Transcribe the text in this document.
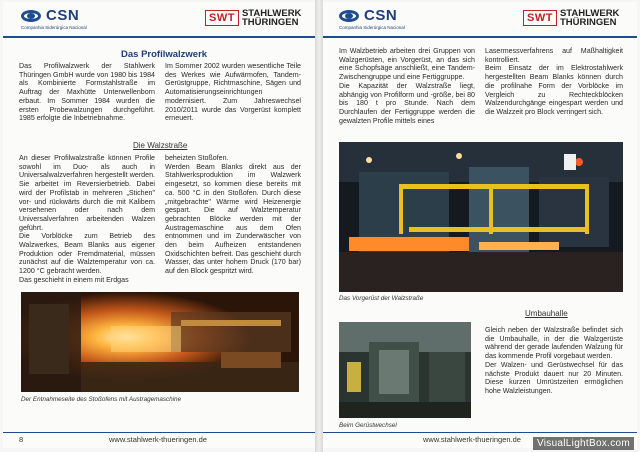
CSN
Companhia Siderúrgica Nacional
SWT STAHLWERK
THÜRINGEN
Das Profilwalzwerk

Das Profilwalzwerk der Stahlwerk Thüringen GmbH wurde von 1980 bis 1984 als Kombinierte Formstahlstraße im Auftrag der Maxhütte Unterwellenborn erbaut. Im Sommer 1984 wurden die ersten Probewalzungen durchgeführt. 1985 erfolgte die Inbetriebnahme.

Im Sommer 2002 wurden wesentliche Teile des Werkes wie Aufwärmofen, Tandem-Gerüstgruppe, Richtmaschine, Sägen und Automatisierungseinrichtungen modernisiert. Zum Jahreswechsel 2010/2011 wurde das Vorgerüst komplett erneuert.

Die Walzstraße

An dieser Profilwalzstraße können Profile sowohl im Duo- als auch in Universalwalzverfahren hergestellt werden. Sie arbeitet im Reversierbetrieb. Dabei wird der Profilstab in mehreren „Stichen" vor- und rückwärts durch die mit Kalibern versehenen oder nach dem Universalverfahren arbeitenden Walzen geführt.

Die Vorblöcke zum Betrieb des Walzwerkes, Beam Blanks aus eigener Produktion oder Fremdmaterial, müssen zunächst auf die Walztemperatur von ca. 1200 °C gebracht werden.

Das geschieht in einem mit Erdgas

beheizten Stoßofen.

Werden Beam Blanks direkt aus der Stahlwerksproduktion im Walzwerk eingesetzt, so kommen diese bereits mit ca. 500 °C in den Stoßofen. Durch diese „mitgebrachte" Wärme wird Heizenergie gespart. Die auf Walztemperatur gebrachten Blöcke werden mit der Austragemaschine aus dem Ofen entnommen und im Zunderwäscher von den beim Aufheizen entstandenen Oxidschichten befreit. Das geschieht durch Wasser, das unter hohem Druck (170 bar) auf den Block gespritzt wird.

Der Entnahmeseite des Stoßofens mit Austragemaschine
8	www.stahlwerk-thueringen.de
CSN
Companhia Siderúrgica Nacional
SWT STAHLWERK
THÜRINGEN

Im Walzbetrieb arbeiten drei Gruppen von Walzgerüsten, ein Vorgerüst, an das sich eine Schopfsäge anschließt, eine Tandem-Zwischengruppe und eine Fertiggruppe.

Die Kapazität der Walzstraße liegt, abhängig von Profilform und -größe, bei 80 bis 180 t pro Stunde. Nach dem Durchlaufen der Fertiggruppe werden die gewalzten Profile mittels eines

Lasermessverfahrens auf Maßhaltigkeit kontrolliert.

Beim Einsatz der im Elektrostahlwerk hergestellten Beam Blanks können durch die profilnahe Form der Vorblöcke im Vergleich zu Rechteckblöcken Walzendurchgänge eingespart werden und die Walzzeit pro Block verringert sich.

Das Vorgerüst der Walzstraße
Umbauhalle
Beim Gerüstwechsel

Gleich neben der Walzstraße befindet sich die Umbauhalle, in der die Walzgerüste während der gerade laufenden Walzung für das kommende Profil vorgebaut werden.

Der Walzen- und Gerüstwechsel für das nächste Produkt dauert nur 20 Minuten. Diese kurzen Umrüstzeiten ermöglichen hohe Walzleistungen.

www.stahlwerk-thueringen.de	VisualLightBox.com
